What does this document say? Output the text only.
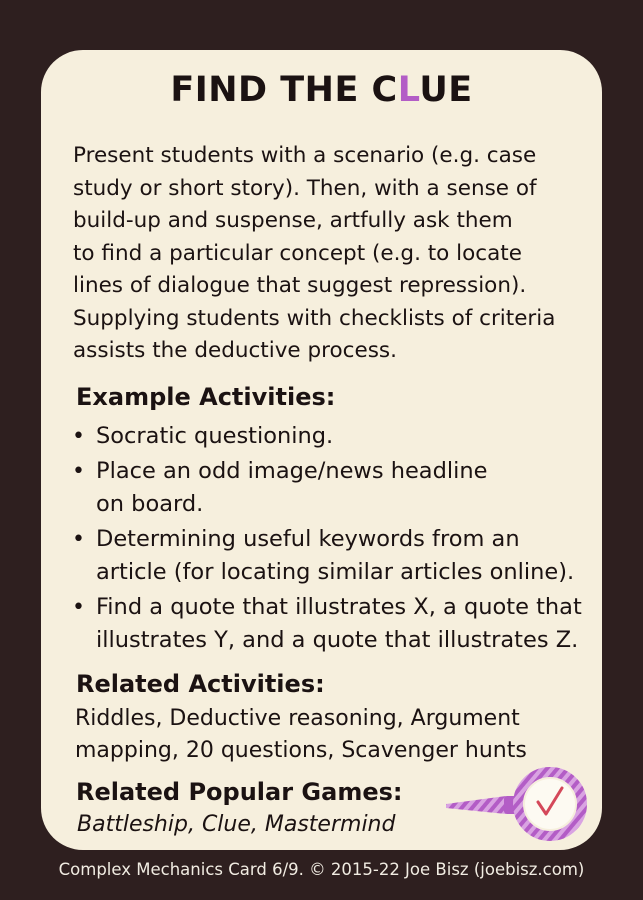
FIND THE CLUE
Present students with a scenario (e.g. case
study or short story). Then, with a sense of
build-up and suspense, artfully ask them
to find a particular concept (e.g. to locate
lines of dialogue that suggest repression).
Supplying students with checklists of criteria
assists the deductive process.
Example Activities:
• Socratic questioning.
• Place an odd image/news headline
on board.
• Determining useful keywords from an
article (for locating similar articles online).
• Find a quote that illustrates X, a quote that
illustrates Y, and a quote that illustrates Z.
Related Activities:
Riddles, Deductive reasoning, Argument
mapping, 20 questions, Scavenger hunts
Related Popular Games:
Battleship, Clue, Mastermind
Complex Mechanics Card 6/9. © 2015-22 Joe Bisz (joebisz.com)
